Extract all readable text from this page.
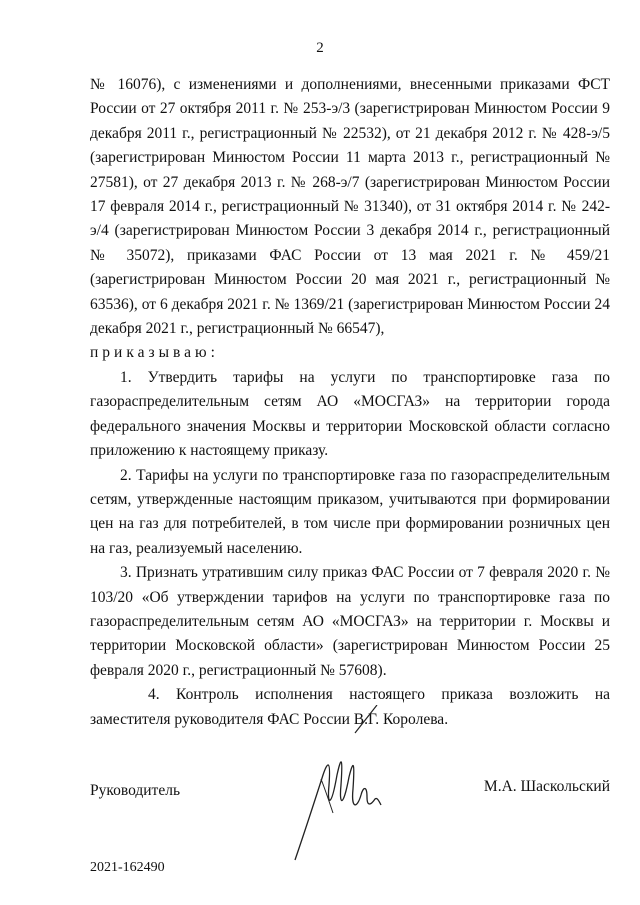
2

№ 16076), с изменениями и дополнениями, внесенными приказами ФСТ России от 27 октября 2011 г. № 253-э/3 (зарегистрирован Минюстом России 9 декабря 2011 г., регистрационный № 22532), от 21 декабря 2012 г. № 428-э/5 (зарегистрирован Минюстом России 11 марта 2013 г., регистрационный № 27581), от 27 декабря 2013 г. № 268-э/7 (зарегистрирован Минюстом России 17 февраля 2014 г., регистрационный № 31340), от 31 октября 2014 г. № 242-э/4 (зарегистрирован Минюстом России 3 декабря 2014 г., регистрационный № 35072), приказами ФАС России от 13 мая 2021 г. № 459/21 (зарегистрирован Минюстом России 20 мая 2021 г., регистрационный № 63536), от 6 декабря 2021 г. № 1369/21 (зарегистрирован Минюстом России 24 декабря 2021 г., регистрационный № 66547),

приказываю:

1. Утвердить тарифы на услуги по транспортировке газа по газораспределительным сетям АО «МОСГАЗ» на территории города федерального значения Москвы и территории Московской области согласно приложению к настоящему приказу.

2. Тарифы на услуги по транспортировке газа по газораспределительным сетям, утвержденные настоящим приказом, учитываются при формировании цен на газ для потребителей, в том числе при формировании розничных цен на газ, реализуемый населению.

3. Признать утратившим силу приказ ФАС России от 7 февраля 2020 г. № 103/20 «Об утверждении тарифов на услуги по транспортировке газа по газораспределительным сетям АО «МОСГАЗ» на территории г. Москвы и территории Московской области» (зарегистрирован Минюстом России 25 февраля 2020 г., регистрационный № 57608).

4. Контроль исполнения настоящего приказа возложить на заместителя руководителя ФАС России В.Г. Королева.

Руководитель	М.А. Шаскольский
2021-162490
